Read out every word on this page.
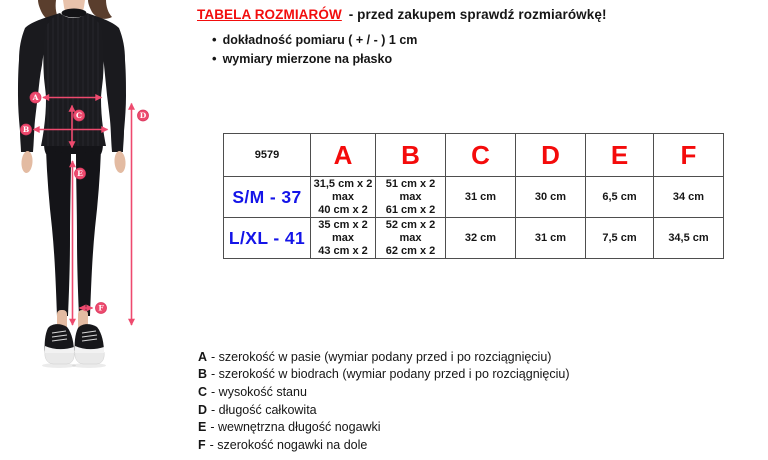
A
B
C	D
E
F
TABELA ROZMIARÓW - przed zakupem sprawdź rozmiarówkę!
• dokładność pomiaru ( + / - ) 1 cm
• wymiary mierzone na płasko
9579	A	B	C	D	E	F
S/M - 37	31,5 cm x 2
max
40 cm x 2	51 cm x 2
max
61 cm x 2	31 cm	30 cm	6,5 cm	34 cm
L/XL - 41	35 cm x 2
max
43 cm x 2	52 cm x 2
max
62 cm x 2	32 cm	31 cm	7,5 cm	34,5 cm
A - szerokość w pasie (wymiar podany przed i po rozciągnięciu)
B - szerokość w biodrach (wymiar podany przed i po rozciągnięciu)
C - wysokość stanu
D - długość całkowita
E - wewnętrzna długość nogawki
F - szerokość nogawki na dole
